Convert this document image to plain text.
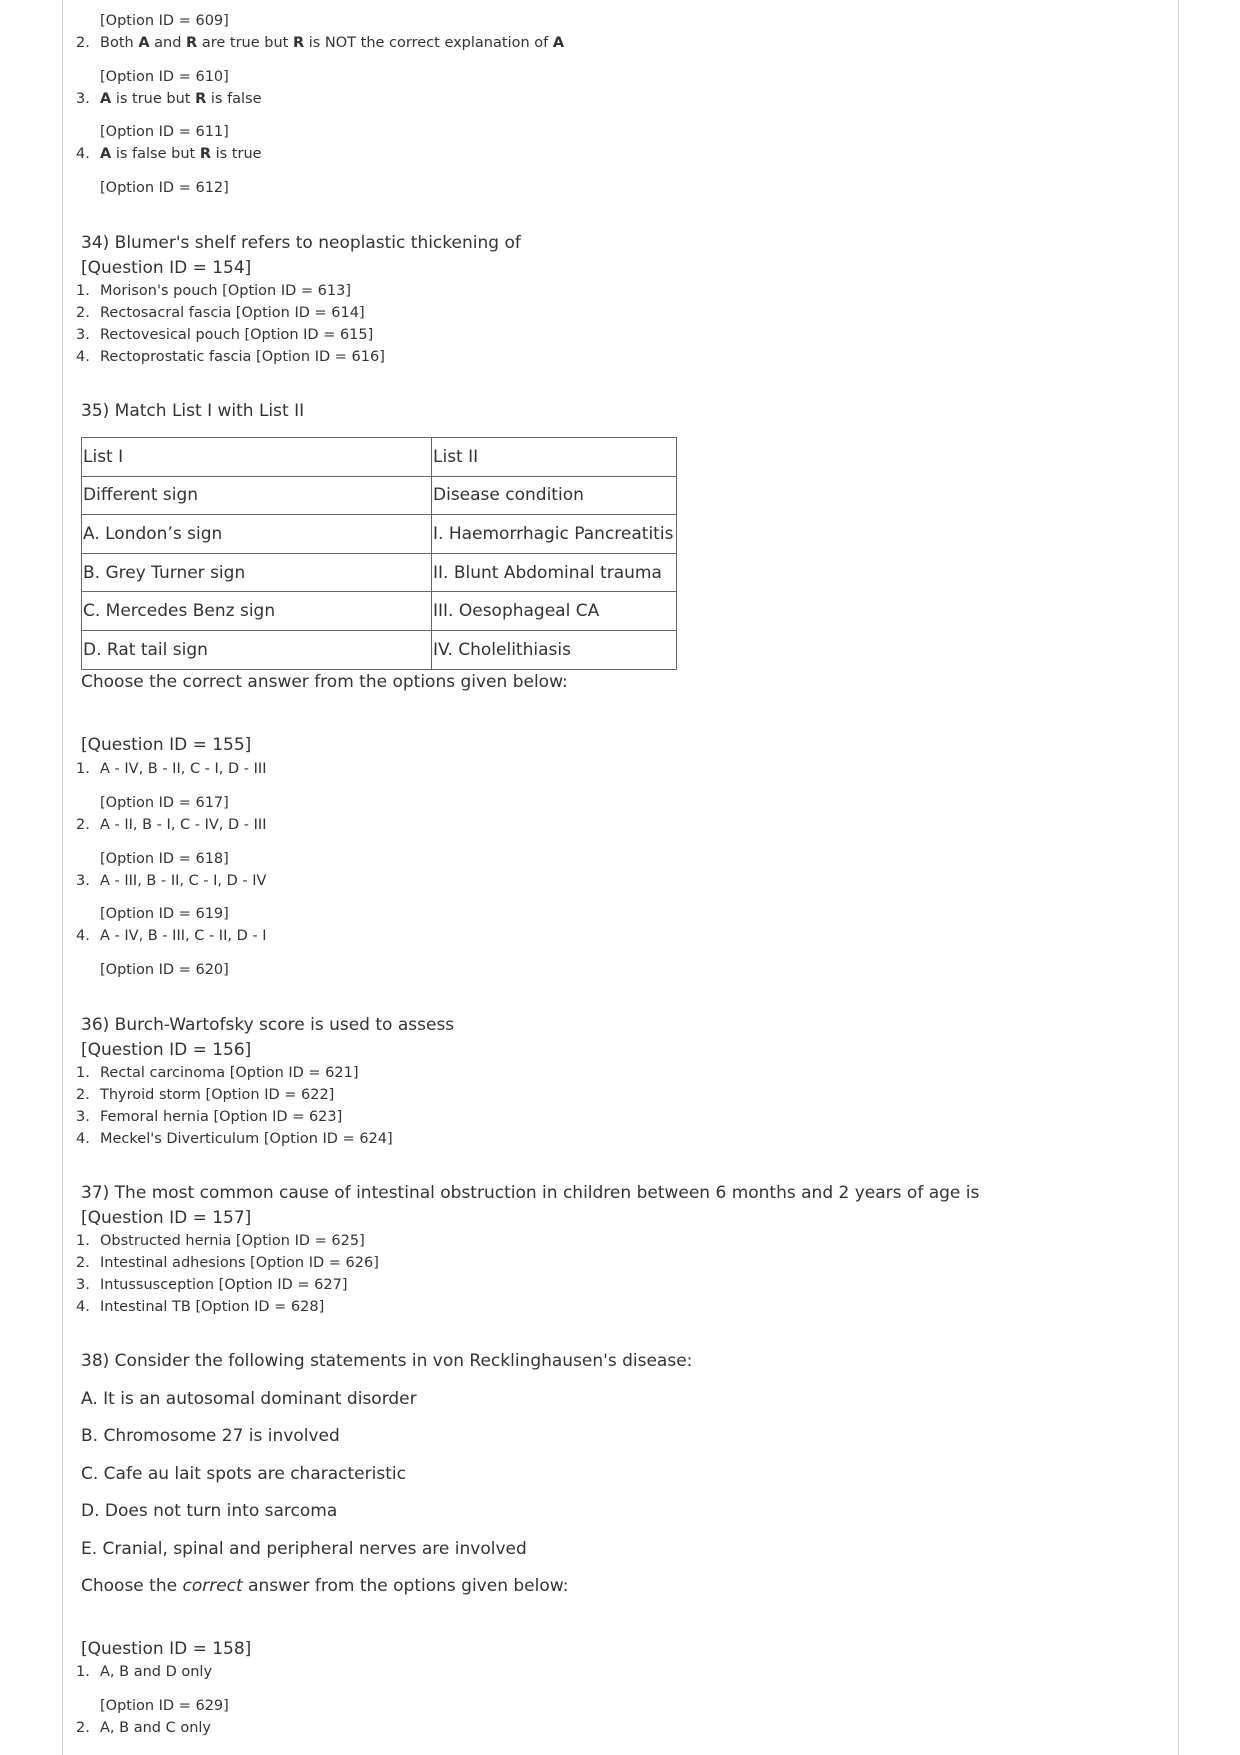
[Option ID = 609]
2. Both A and R are true but R is NOT the correct explanation of A
[Option ID = 610]
3. A is true but R is false
[Option ID = 611]
4. A is false but R is true
[Option ID = 612]
34) Blumer's shelf refers to neoplastic thickening of
[Question ID = 154]
1. Morison's pouch [Option ID = 613]
2. Rectosacral fascia [Option ID = 614]
3. Rectovesical pouch [Option ID = 615]
4. Rectoprostatic fascia [Option ID = 616]
35) Match List I with List II
List I	List II
Different sign	Disease condition
A. London’s sign	I. Haemorrhagic Pancreatitis
B. Grey Turner sign	II. Blunt Abdominal trauma
C. Mercedes Benz sign	III. Oesophageal CA
D. Rat tail sign	IV. Cholelithiasis
Choose the correct answer from the options given below:
[Question ID = 155]
1. A - IV, B - II, C - I, D - III
[Option ID = 617]
2. A - II, B - I, C - IV, D - III
[Option ID = 618]
3. A - III, B - II, C - I, D - IV
[Option ID = 619]
4. A - IV, B - III, C - II, D - I
[Option ID = 620]
36) Burch-Wartofsky score is used to assess
[Question ID = 156]
1. Rectal carcinoma [Option ID = 621]
2. Thyroid storm [Option ID = 622]
3. Femoral hernia [Option ID = 623]
4. Meckel's Diverticulum [Option ID = 624]
37) The most common cause of intestinal obstruction in children between 6 months and 2 years of age is
[Question ID = 157]
1. Obstructed hernia [Option ID = 625]
2. Intestinal adhesions [Option ID = 626]
3. Intussusception [Option ID = 627]
4. Intestinal TB [Option ID = 628]
38) Consider the following statements in von Recklinghausen's disease:
A. It is an autosomal dominant disorder
B. Chromosome 27 is involved
C. Cafe au lait spots are characteristic
D. Does not turn into sarcoma
E. Cranial, spinal and peripheral nerves are involved
Choose the correct answer from the options given below:
[Question ID = 158]
1. A, B and D only
[Option ID = 629]
2. A, B and C only
